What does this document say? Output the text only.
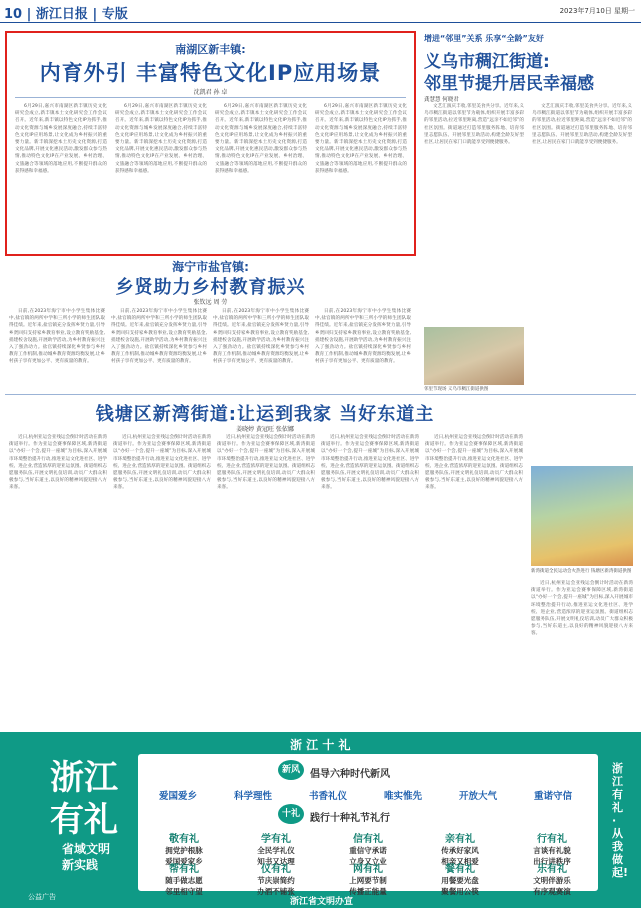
10 | 浙江日报 | 专版	2023年7月10日 星期一
南湖区新丰镇:
内育外引 丰富特色文化IP应用场景
沈凯君 孙 卓

6月29日,嘉兴市南湖区新丰镇历史文化研究会成立,新丰镇本土文化研究会工作会议召开。近年来,新丰镇以特色文化IP为抓手,推动文化资源与城乡发展深度融合,持续丰富特色文化IP应用场景,让文化成为乡村振兴的重要力量。新丰镇深挖本土历史文化资源,打造文化品牌,开展文化惠民活动,激发群众参与热情,推动特色文化IP在产业发展、乡村治理、文旅融合等领域的落地应用,不断提升群众的获得感和幸福感。

6月29日,嘉兴市南湖区新丰镇历史文化研究会成立,新丰镇本土文化研究会工作会议召开。近年来,新丰镇以特色文化IP为抓手,推动文化资源与城乡发展深度融合,持续丰富特色文化IP应用场景,让文化成为乡村振兴的重要力量。新丰镇深挖本土历史文化资源,打造文化品牌,开展文化惠民活动,激发群众参与热情,推动特色文化IP在产业发展、乡村治理、文旅融合等领域的落地应用,不断提升群众的获得感和幸福感。

6月29日,嘉兴市南湖区新丰镇历史文化研究会成立,新丰镇本土文化研究会工作会议召开。近年来,新丰镇以特色文化IP为抓手,推动文化资源与城乡发展深度融合,持续丰富特色文化IP应用场景,让文化成为乡村振兴的重要力量。新丰镇深挖本土历史文化资源,打造文化品牌,开展文化惠民活动,激发群众参与热情,推动特色文化IP在产业发展、乡村治理、文旅融合等领域的落地应用,不断提升群众的获得感和幸福感。

6月29日,嘉兴市南湖区新丰镇历史文化研究会成立,新丰镇本土文化研究会工作会议召开。近年来,新丰镇以特色文化IP为抓手,推动文化资源与城乡发展深度融合,持续丰富特色文化IP应用场景,让文化成为乡村振兴的重要力量。新丰镇深挖本土历史文化资源,打造文化品牌,开展文化惠民活动,激发群众参与热情,推动特色文化IP在产业发展、乡村治理、文旅融合等领域的落地应用,不断提升群众的获得感和幸福感。

增进“邻里”关系 乐享“全龄”友好
义乌市稠江街道:
邻里节提升居民幸福感
龚慧慧 何晓君

文艺汇演庆丰收,邻里美食共分享。近年来,义乌市稠江街道以邻里节为载体,组织开展丰富多彩的邻里活动,拉近邻里距离,营造“远亲不如近邻”的社区氛围。街道通过打造邻里服务阵地、培育邻里志愿队伍、开展邻里互助活动,构建全龄友好型社区,让居民在家门口就能享受到便捷服务。

文艺汇演庆丰收,邻里美食共分享。近年来,义乌市稠江街道以邻里节为载体,组织开展丰富多彩的邻里活动,拉近邻里距离,营造“远亲不如近邻”的社区氛围。街道通过打造邻里服务阵地、培育邻里志愿队伍、开展邻里互助活动,构建全龄友好型社区,让居民在家门口就能享受到便捷服务。

邻里节现场 义乌市稠江街道供图
海宁市盐官镇:
乡贤助力乡村教育振兴
张钦远 周 劳

日前,在2023年海宁市中小学生集体比赛中,盐官镇的两所中学和三所小学的师生团队取得佳绩。近年来,盐官镇充分发挥乡贤力量,引导乡贤回归支持家乡教育事业,设立教育奖励基金,捐建校舍设施,开展助学活动,为乡村教育振兴注入了强劲动力。盐官镇持续深化乡贤参与乡村教育工作机制,推动城乡教育资源均衡发展,让乡村孩子享有更加公平、更有质量的教育。

日前,在2023年海宁市中小学生集体比赛中,盐官镇的两所中学和三所小学的师生团队取得佳绩。近年来,盐官镇充分发挥乡贤力量,引导乡贤回归支持家乡教育事业,设立教育奖励基金,捐建校舍设施,开展助学活动,为乡村教育振兴注入了强劲动力。盐官镇持续深化乡贤参与乡村教育工作机制,推动城乡教育资源均衡发展,让乡村孩子享有更加公平、更有质量的教育。

日前,在2023年海宁市中小学生集体比赛中,盐官镇的两所中学和三所小学的师生团队取得佳绩。近年来,盐官镇充分发挥乡贤力量,引导乡贤回归支持家乡教育事业,设立教育奖励基金,捐建校舍设施,开展助学活动,为乡村教育振兴注入了强劲动力。盐官镇持续深化乡贤参与乡村教育工作机制,推动城乡教育资源均衡发展,让乡村孩子享有更加公平、更有质量的教育。

日前,在2023年海宁市中小学生集体比赛中,盐官镇的两所中学和三所小学的师生团队取得佳绩。近年来,盐官镇充分发挥乡贤力量,引导乡贤回归支持家乡教育事业,设立教育奖励基金,捐建校舍设施,开展助学活动,为乡村教育振兴注入了强劲动力。盐官镇持续深化乡贤参与乡村教育工作机制,推动城乡教育资源均衡发展,让乡村孩子享有更加公平、更有质量的教育。

钱塘区新湾街道:让运到我家 当好东道主
姜晓婷 黄冠旺 张依娜

近日,杭州亚运会亚残运会倒计时活动在新湾街道举行。作为亚运会赛事保障区域,新湾街道以“办好一个会,提升一座城”为目标,深入开展城市环境整治提升行动,推进亚运文化进社区、进学校、进企业,营造浓厚的迎亚运氛围。街道组织志愿服务队伍,开展文明礼仪培训,动员广大群众积极参与,当好东道主,以良好的精神风貌迎接八方来客。

近日,杭州亚运会亚残运会倒计时活动在新湾街道举行。作为亚运会赛事保障区域,新湾街道以“办好一个会,提升一座城”为目标,深入开展城市环境整治提升行动,推进亚运文化进社区、进学校、进企业,营造浓厚的迎亚运氛围。街道组织志愿服务队伍,开展文明礼仪培训,动员广大群众积极参与,当好东道主,以良好的精神风貌迎接八方来客。

近日,杭州亚运会亚残运会倒计时活动在新湾街道举行。作为亚运会赛事保障区域,新湾街道以“办好一个会,提升一座城”为目标,深入开展城市环境整治提升行动,推进亚运文化进社区、进学校、进企业,营造浓厚的迎亚运氛围。街道组织志愿服务队伍,开展文明礼仪培训,动员广大群众积极参与,当好东道主,以良好的精神风貌迎接八方来客。

近日,杭州亚运会亚残运会倒计时活动在新湾街道举行。作为亚运会赛事保障区域,新湾街道以“办好一个会,提升一座城”为目标,深入开展城市环境整治提升行动,推进亚运文化进社区、进学校、进企业,营造浓厚的迎亚运氛围。街道组织志愿服务队伍,开展文明礼仪培训,动员广大群众积极参与,当好东道主,以良好的精神风貌迎接八方来客。

近日,杭州亚运会亚残运会倒计时活动在新湾街道举行。作为亚运会赛事保障区域,新湾街道以“办好一个会,提升一座城”为目标,深入开展城市环境整治提升行动,推进亚运文化进社区、进学校、进企业,营造浓厚的迎亚运氛围。街道组织志愿服务队伍,开展文明礼仪培训,动员广大群众积极参与,当好东道主,以良好的精神风貌迎接八方来客。

新湾街道全民运动会火热进行 钱塘区新湾街道供图

近日,杭州亚运会亚残运会倒计时活动在新湾街道举行。作为亚运会赛事保障区域,新湾街道以“办好一个会,提升一座城”为目标,深入开展城市环境整治提升行动,推进亚运文化进社区、进学校、进企业,营造浓厚的迎亚运氛围。街道组织志愿服务队伍,开展文明礼仪培训,动员广大群众积极参与,当好东道主,以良好的精神风貌迎接八方来客。

浙江
有礼
省域文明
新实践
公益广告
浙 江 十 礼
新风	倡导六种时代新风
爱国爱乡	科学理性	书香礼仪	唯实惟先	开放大气	重诺守信
十礼	践行十种礼节礼行
敬有礼
拥党护根脉
爱国爱家乡
学有礼
全民学礼仪
知书又达理
信有礼
重信守承诺
立身又立业
亲有礼
传承好家风
相亲又相爱
行有礼
言谈有礼貌
出行讲秩序
帮有礼
随手做志愿
邻里相守望
仪有礼
节庆崇简约
办酒不铺张
网有礼
上网要节制
传播正能量
餐有礼
用餐要光盘
聚餐用公筷
乐有礼
文明伴游乐
有序观赛演
浙江有礼·从我做起!
浙江省文明办宣
